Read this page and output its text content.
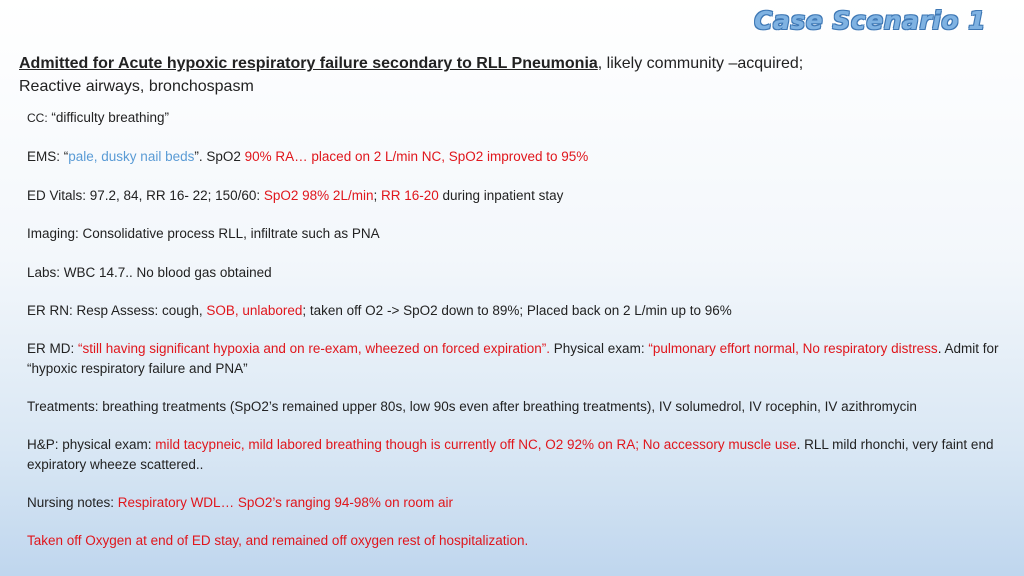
Case Scenario 1
Admitted for Acute hypoxic respiratory failure secondary to RLL Pneumonia, likely community –acquired;
Reactive airways, bronchospasm

CC: “difficulty breathing”

EMS: “pale, dusky nail beds”. SpO2 90% RA… placed on 2 L/min NC, SpO2 improved to 95%

ED Vitals: 97.2, 84, RR 16- 22; 150/60: SpO2 98% 2L/min; RR 16-20 during inpatient stay

Imaging: Consolidative process RLL, infiltrate such as PNA

Labs: WBC 14.7.. No blood gas obtained

ER RN: Resp Assess: cough, SOB, unlabored; taken off O2 -> SpO2 down to 89%; Placed back on 2 L/min up to 96%

ER MD: “still having significant hypoxia and on re-exam, wheezed on forced expiration”. Physical exam: “pulmonary effort normal, No respiratory distress. Admit for “hypoxic respiratory failure and PNA”

Treatments: breathing treatments (SpO2’s remained upper 80s, low 90s even after breathing treatments), IV solumedrol, IV rocephin, IV azithromycin

H&P: physical exam: mild tacypneic, mild labored breathing though is currently off NC, O2 92% on RA; No accessory muscle use. RLL mild rhonchi, very faint end expiratory wheeze scattered..

Nursing notes: Respiratory WDL… SpO2’s ranging 94-98% on room air

Taken off Oxygen at end of ED stay, and remained off oxygen rest of hospitalization.
